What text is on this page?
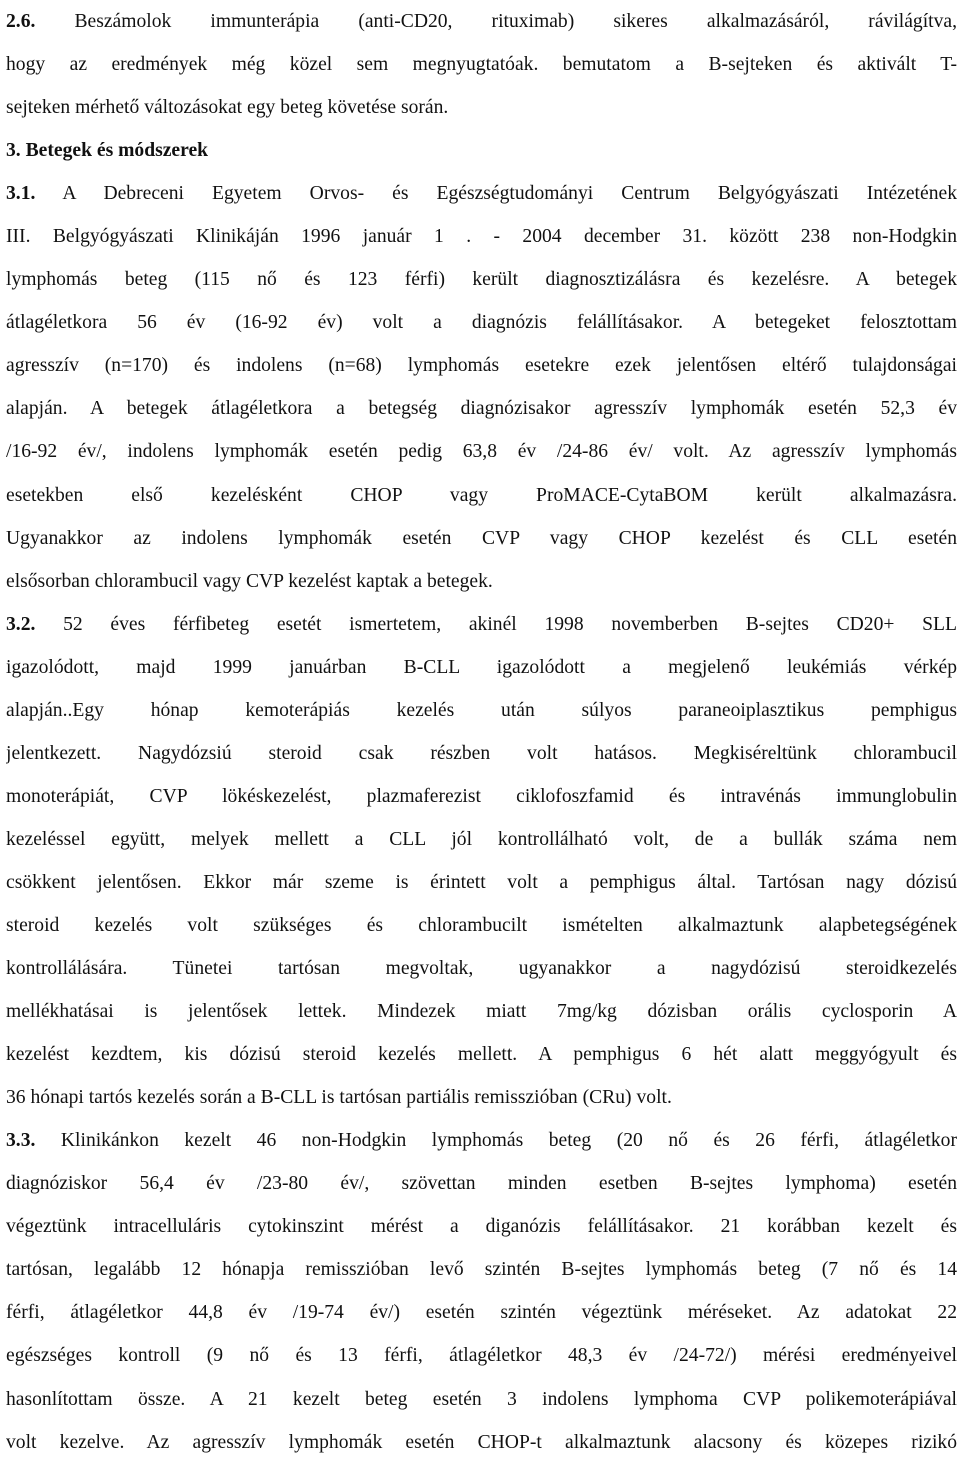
2.6. Beszámolok immunterápia (anti-CD20, rituximab) sikeres alkalmazásáról, rávilágítva,
hogy az eredmények még közel sem megnyugtatóak. bemutatom a B-sejteken és aktivált T-
sejteken mérhető változásokat egy beteg követése során.
3. Betegek és módszerek
3.1. A Debreceni Egyetem Orvos- és Egészségtudományi Centrum Belgyógyászati Intézetének
III. Belgyógyászati Klinikáján 1996 január 1 . - 2004 december 31. között 238 non-Hodgkin
lymphomás beteg (115 nő és 123 férfi) került diagnosztizálásra és kezelésre. A betegek
átlagéletkora 56 év (16-92 év) volt a diagnózis felállításakor. A betegeket felosztottam
agresszív (n=170) és indolens (n=68) lymphomás esetekre ezek jelentősen eltérő tulajdonságai
alapján. A betegek átlagéletkora a betegség diagnózisakor agresszív lymphomák esetén 52,3 év
/16-92 év/, indolens lymphomák esetén pedig 63,8 év /24-86 év/ volt. Az agresszív lymphomás
esetekben első kezelésként CHOP vagy ProMACE-CytaBOM került alkalmazásra.
Ugyanakkor az indolens lymphomák esetén CVP vagy CHOP kezelést és CLL esetén
elsősorban chlorambucil vagy CVP kezelést kaptak a betegek.
3.2. 52 éves férfibeteg esetét ismertetem, akinél 1998 novemberben B-sejtes CD20+ SLL
igazolódott, majd 1999 januárban B-CLL igazolódott a megjelenő leukémiás vérkép
alapján..Egy hónap kemoterápiás kezelés után súlyos paraneoiplasztikus pemphigus
jelentkezett. Nagydózsiú steroid csak részben volt hatásos. Megkiséreltünk chlorambucil
monoterápiát, CVP lökéskezelést, plazmaferezist ciklofoszfamid és intravénás immunglobulin
kezeléssel együtt, melyek mellett a CLL jól kontrollálható volt, de a bullák száma nem
csökkent jelentősen. Ekkor már szeme is érintett volt a pemphigus által. Tartósan nagy dózisú
steroid kezelés volt szükséges és chlorambucilt ismételten alkalmaztunk alapbetegségének
kontrollálására. Tünetei tartósan megvoltak, ugyanakkor a nagydózisú steroidkezelés
mellékhatásai is jelentősek lettek. Mindezek miatt 7mg/kg dózisban orális cyclosporin A
kezelést kezdtem, kis dózisú steroid kezelés mellett. A pemphigus 6 hét alatt meggyógyult és
36 hónapi tartós kezelés során a B-CLL is tartósan partiális remisszióban (CRu) volt.
3.3. Klinikánkon kezelt 46 non-Hodgkin lymphomás beteg (20 nő és 26 férfi, átlagéletkor
diagnóziskor 56,4 év /23-80 év/, szövettan minden esetben B-sejtes lymphoma) esetén
végeztünk intracelluláris cytokinszint mérést a diganózis felállításakor. 21 korábban kezelt és
tartósan, legalább 12 hónapja remisszióban levő szintén B-sejtes lymphomás beteg (7 nő és 14
férfi, átlagéletkor 44,8 év /19-74 év/) esetén szintén végeztünk méréseket. Az adatokat 22
egészséges kontroll (9 nő és 13 férfi, átlagéletkor 48,3 év /24-72/) mérési eredményeivel
hasonlítottam össze. A 21 kezelt beteg esetén 3 indolens lymphoma CVP polikemoterápiával
volt kezelve. Az agresszív lymphomák esetén CHOP-t alkalmaztunk alacsony és közepes rizikó
